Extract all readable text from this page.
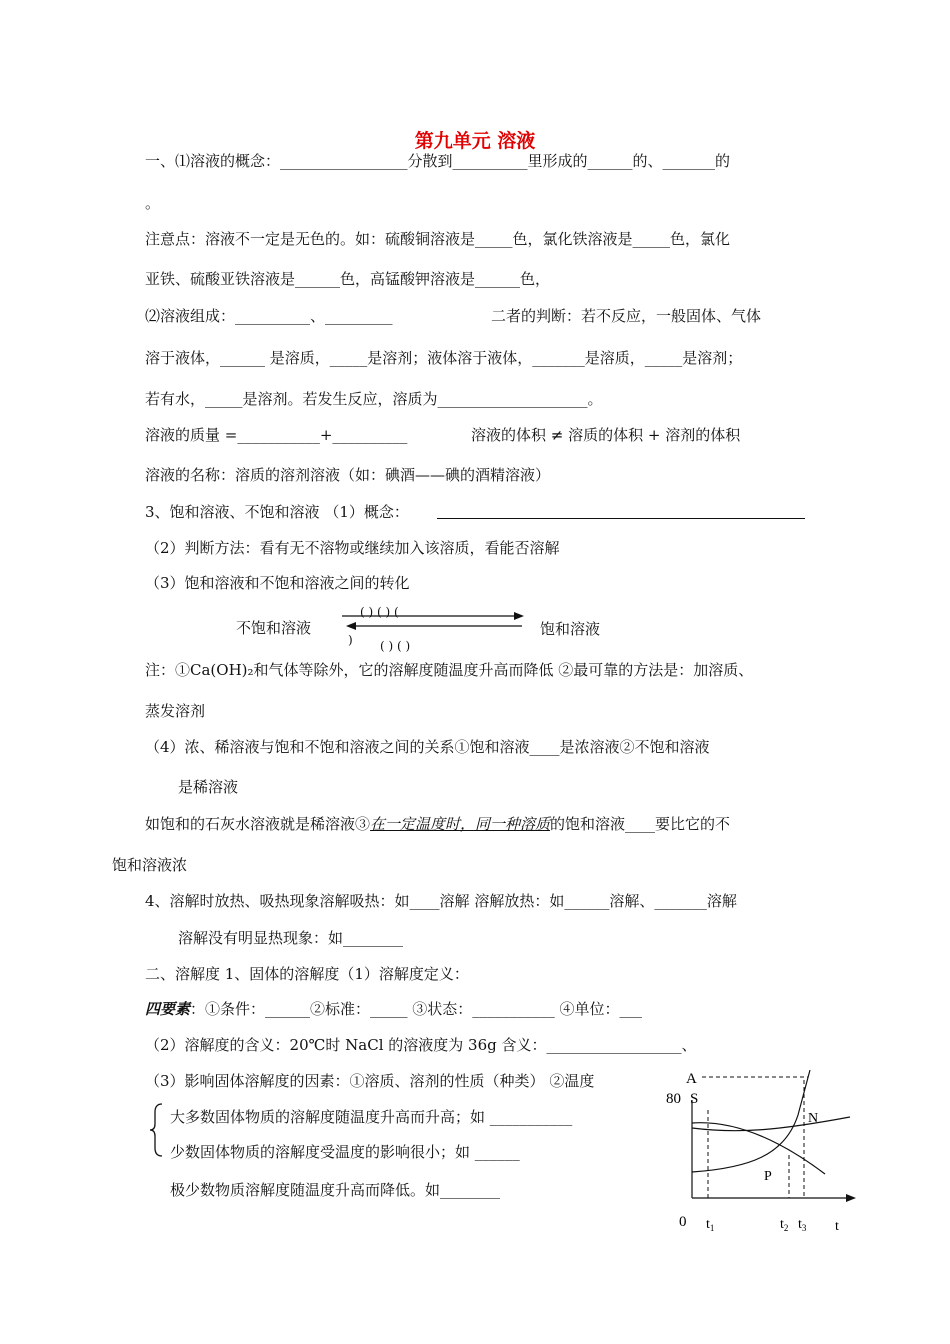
第九单元 溶液
一、⑴溶液的概念：_________________分散到__________里形成的______的、_______的
。
注意点：溶液不一定是无色的。如：硫酸铜溶液是_____色，氯化铁溶液是_____色，氯化
亚铁、硫酸亚铁溶液是______色，高锰酸钾溶液是______色，
⑵溶液组成：__________、_________	二者的判断：若不反应，一般固体、气体
溶于液体，______ 是溶质，_____是溶剂；液体溶于液体，_______是溶质，_____是溶剂；
若有水，_____是溶剂。若发生反应，溶质为____________________。
溶液的质量 =___________+__________	溶液的体积 ≠ 溶质的体积 + 溶剂的体积
溶液的名称：溶质的溶剂溶液（如：碘酒——碘的酒精溶液）
3、饱和溶液、不饱和溶液 （1）概念：
（2）判断方法：看有无不溶物或继续加入该溶质，看能否溶解
（3）饱和溶液和不饱和溶液之间的转化
不饱和溶液	饱和溶液
( ) ( ) (
) ( ) ( )
注：①Ca(OH)₂和气体等除外，它的溶解度随温度升高而降低 ②最可靠的方法是：加溶质、
蒸发溶剂
（4）浓、稀溶液与饱和不饱和溶液之间的关系①饱和溶液____是浓溶液②不饱和溶液
是稀溶液
如饱和的石灰水溶液就是稀溶液③在一定温度时，同一种溶质的饱和溶液____要比它的不
饱和溶液浓
4、溶解时放热、吸热现象溶解吸热：如____溶解 溶解放热：如______溶解、_______溶解
溶解没有明显热现象：如________
二、溶解度 1、固体的溶解度（1）溶解度定义：
四要素：①条件：______②标准：_____ ③状态：___________ ④单位：___
（2）溶解度的含义：20℃时 NaCl 的溶液度为 36g 含义：__________________、
（3）影响固体溶解度的因素：①溶质、溶剂的性质（种类） ②温度
大多数固体物质的溶解度随温度升高而升高；如 ___________
少数固体物质的溶解度受温度的影响很小；如 ______
极少数物质溶解度随温度升高而降低。如________
A
80 S
N
P
0 $t_1$	$t_2$ $t_3$ t
